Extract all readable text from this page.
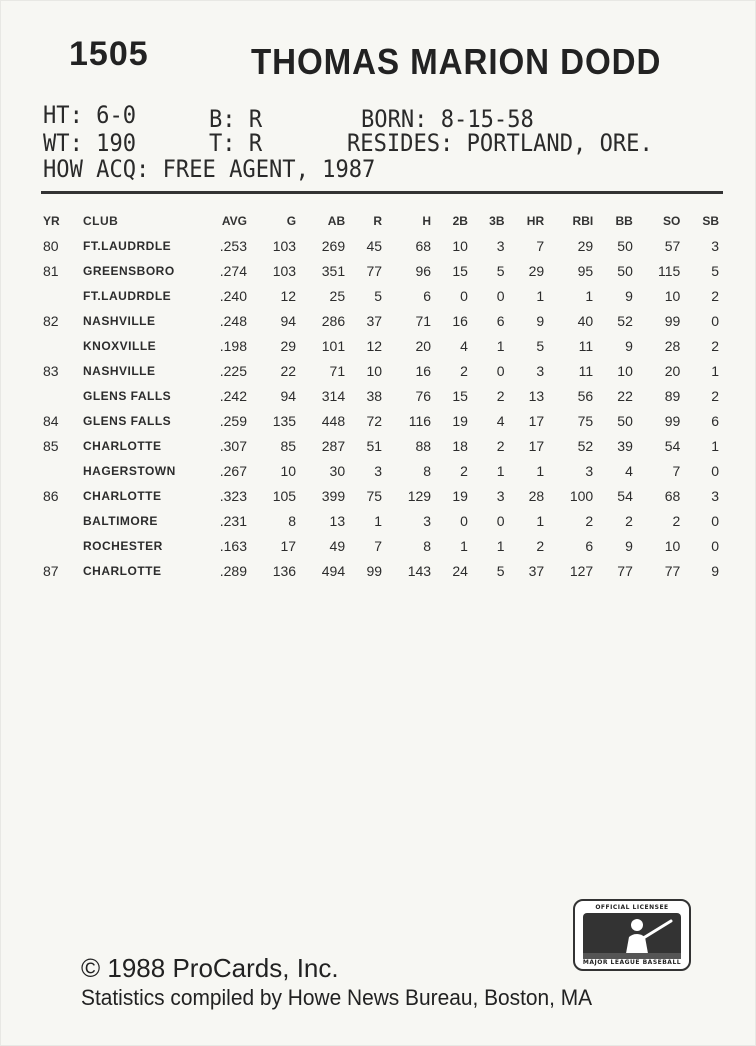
1505	THOMAS MARION DODD
HT: 6-0	B: R	BORN: 8-15-58
WT: 190	T: R	RESIDES: PORTLAND, ORE.
HOW ACQ: FREE AGENT, 1987
YR	CLUB	AVG	G	AB	R	H	2B	3B	HR	RBI	BB	SO	SB
80	FT.LAUDRDLE	.253	103	269	45	68	10	3	7	29	50	57	3
81	GREENSBORO	.274	103	351	77	96	15	5	29	95	50	115	5
	FT.LAUDRDLE	.240	12	25	5	6	0	0	1	1	9	10	2
82	NASHVILLE	.248	94	286	37	71	16	6	9	40	52	99	0
	KNOXVILLE	.198	29	101	12	20	4	1	5	11	9	28	2
83	NASHVILLE	.225	22	71	10	16	2	0	3	11	10	20	1
	GLENS FALLS	.242	94	314	38	76	15	2	13	56	22	89	2
84	GLENS FALLS	.259	135	448	72	116	19	4	17	75	50	99	6
85	CHARLOTTE	.307	85	287	51	88	18	2	17	52	39	54	1
	HAGERSTOWN	.267	10	30	3	8	2	1	1	3	4	7	0
86	CHARLOTTE	.323	105	399	75	129	19	3	28	100	54	68	3
	BALTIMORE	.231	8	13	1	3	0	0	1	2	2	2	0
	ROCHESTER	.163	17	49	7	8	1	1	2	6	9	10	0
87	CHARLOTTE	.289	136	494	99	143	24	5	37	127	77	77	9
© 1988 ProCards, Inc.
Statistics compiled by Howe News Bureau, Boston, MA
OFFICIAL LICENSEE
MAJOR LEAGUE BASEBALL
